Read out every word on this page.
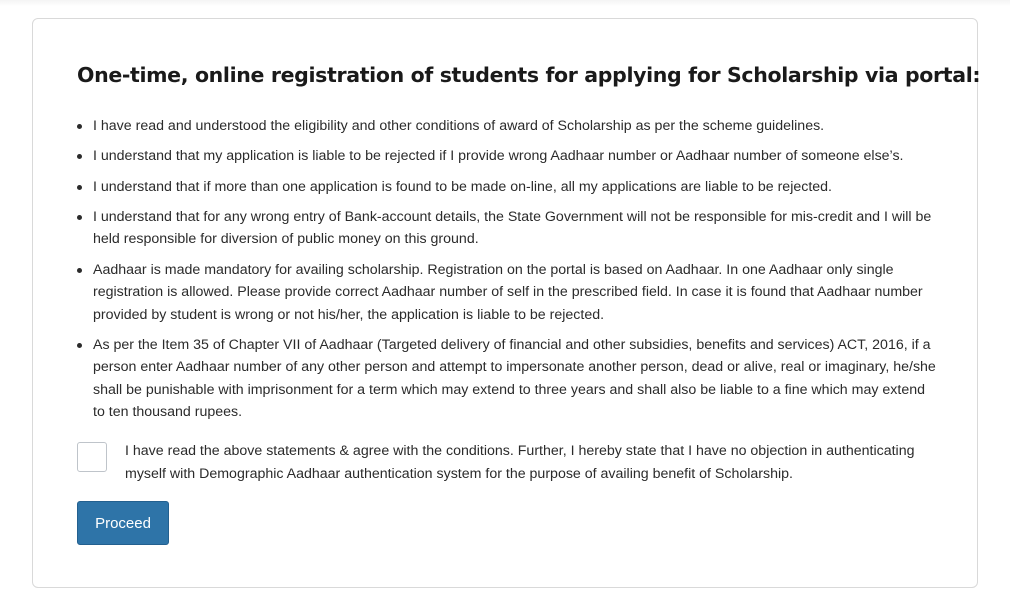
One-time, online registration of students for applying for Scholarship via portal:
I have read and understood the eligibility and other conditions of award of Scholarship as per the scheme guidelines.
I understand that my application is liable to be rejected if I provide wrong Aadhaar number or Aadhaar number of someone else’s.
I understand that if more than one application is found to be made on-line, all my applications are liable to be rejected.
I understand that for any wrong entry of Bank-account details, the State Government will not be responsible for mis-credit and I will be held responsible for diversion of public money on this ground.
Aadhaar is made mandatory for availing scholarship. Registration on the portal is based on Aadhaar. In one Aadhaar only single registration is allowed. Please provide correct Aadhaar number of self in the prescribed field. In case it is found that Aadhaar number provided by student is wrong or not his/her, the application is liable to be rejected.
As per the Item 35 of Chapter VII of Aadhaar (Targeted delivery of financial and other subsidies, benefits and services) ACT, 2016, if a person enter Aadhaar number of any other person and attempt to impersonate another person, dead or alive, real or imaginary, he/she shall be punishable with imprisonment for a term which may extend to three years and shall also be liable to a fine which may extend to ten thousand rupees.
I have read the above statements & agree with the conditions. Further, I hereby state that I have no objection in authenticating myself with Demographic Aadhaar authentication system for the purpose of availing benefit of Scholarship.
Proceed
